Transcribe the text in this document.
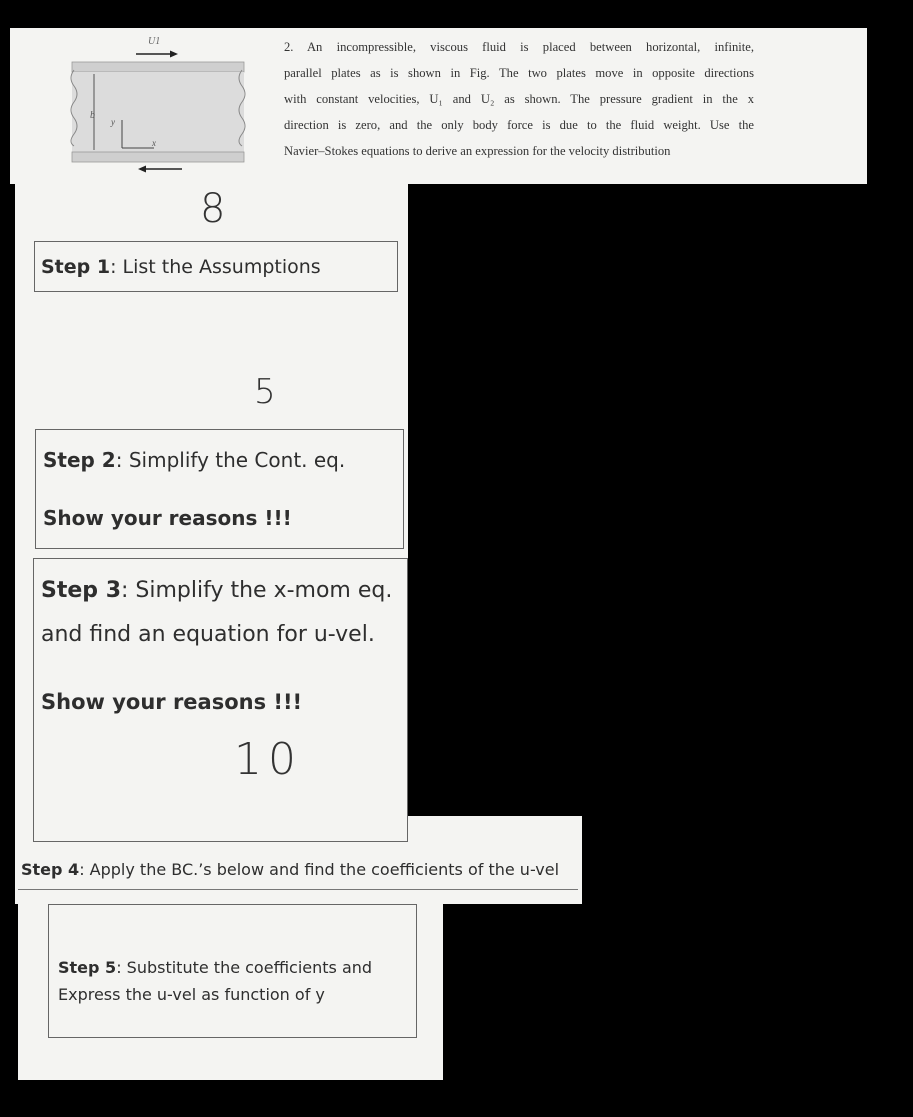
U1
b
y
x
2. An incompressible, viscous fluid is placed between horizontal, infinite,
parallel plates as is shown in Fig. The two plates move in opposite directions
with constant velocities, U₁ and U₂ as shown. The pressure gradient in the x
direction is zero, and the only body force is due to the fluid weight. Use the
Navier–Stokes equations to derive an expression for the velocity distribution
8
5
10
Step 1: List the Assumptions
Step 2: Simplify the Cont. eq.
Show your reasons !!!
Step 3: Simplify the x-mom eq.
and find an equation for u-vel.
Show your reasons !!!
Step 4: Apply the BC.’s below and find the coefficients of the u-vel
Step 5: Substitute the coefficients and
Express the u-vel as function of y
